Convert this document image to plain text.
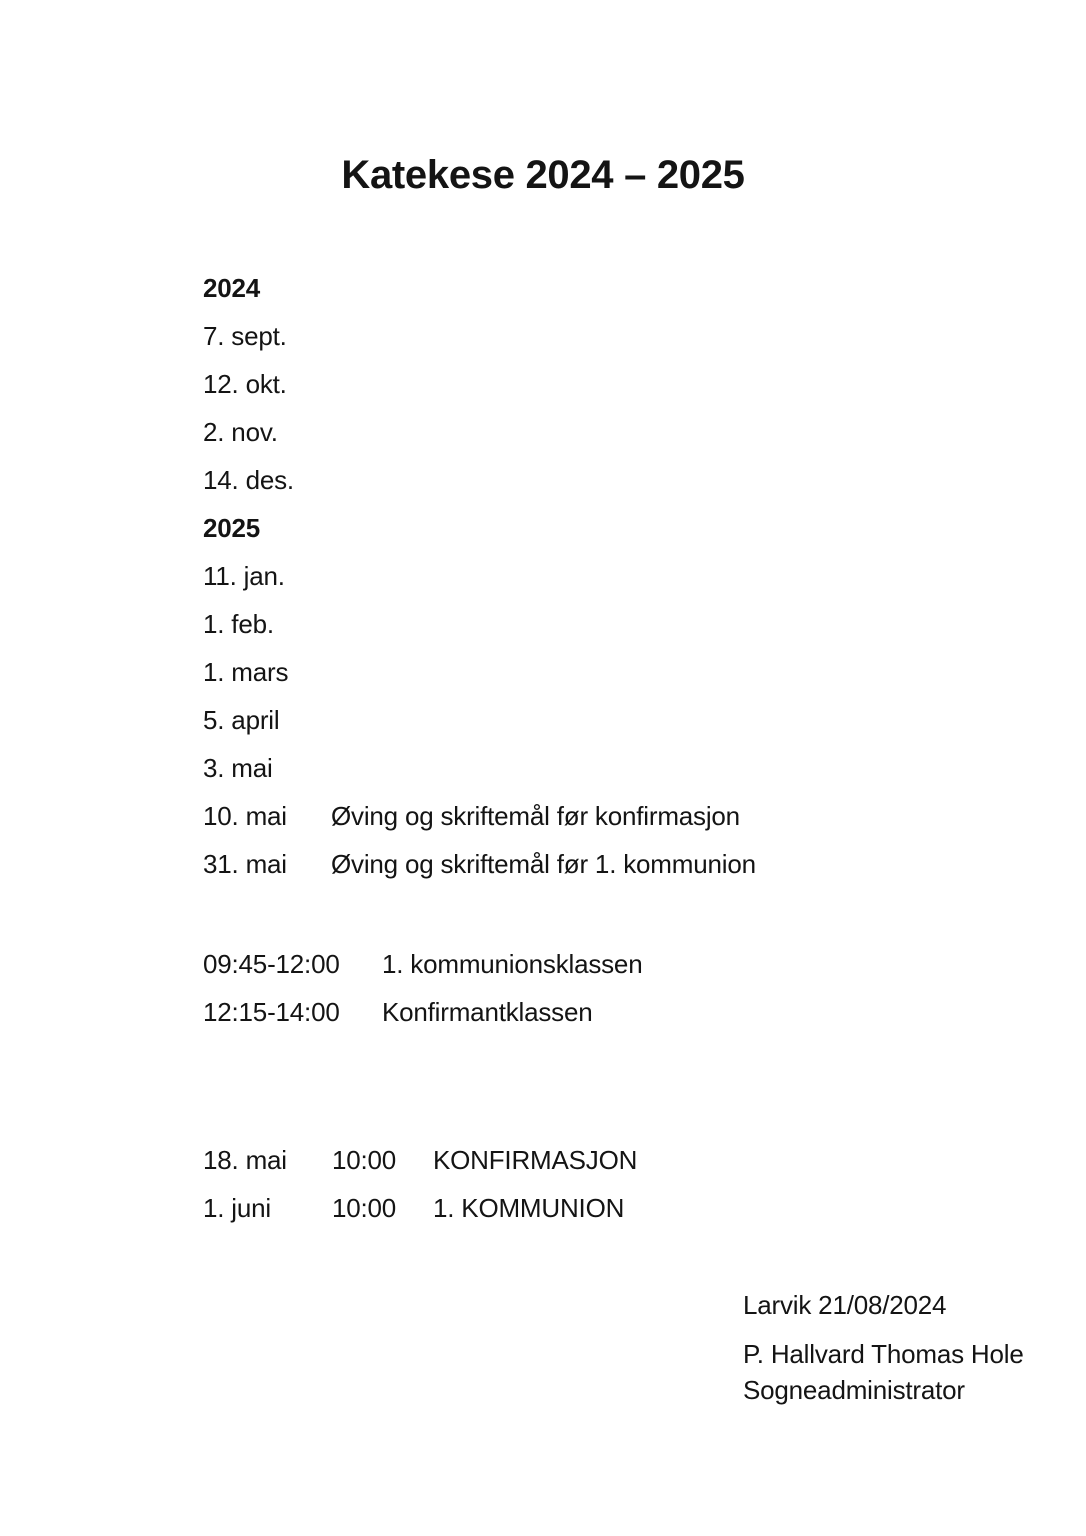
Katekese 2024 – 2025
2024
7. sept.
12. okt.
2. nov.
14. des.
2025
11. jan.
1. feb.
1. mars
5. april
3. mai
10. mai Øving og skriftemål før konfirmasjon
31. mai Øving og skriftemål før 1. kommunion
09:45-12:00 1. kommunionsklassen
12:15-14:00 Konfirmantklassen
18. mai 10:00 KONFIRMASJON
1. juni 10:00 1. KOMMUNION
Larvik 21/08/2024
P. Hallvard Thomas Hole
Sogneadministrator
